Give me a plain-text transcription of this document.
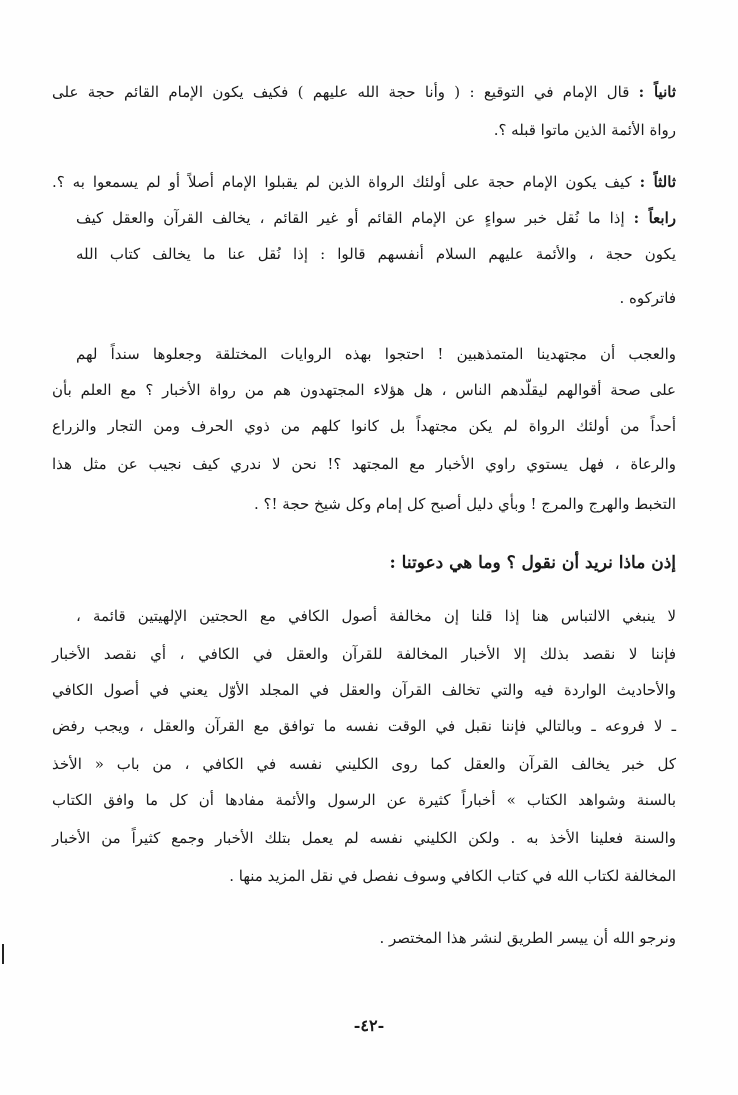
ثانياً : قال الإمام في التوقيع : ( وأنا حجة الله عليهم ) فكيف يكون الإمام القائم حجة على
رواة الأئمة الذين ماتوا قبله ؟.
ثالثاً : كيف يكون الإمام حجة على أولئك الرواة الذين لم يقبلوا الإمام أصلاً أو لم يسمعوا به ؟.
رابعاً : إذا ما نُقل خبر سواءٍ عن الإمام القائم أو غير القائم ، يخالف القرآن والعقل كيف
يكون حجة ، والأئمة عليهم السلام أنفسهم قالوا : إذا نُقل عنا ما يخالف كتاب الله
فاتركوه .
والعجب أن مجتهدينا المتمذهبين ! احتجوا بهذه الروايات المختلقة وجعلوها سنداً لهم
على صحة أقوالهم ليقلّدهم الناس ، هل هؤلاء المجتهدون هم من رواة الأخبار ؟ مع العلم بأن
أحداً من أولئك الرواة لم يكن مجتهداً بل كانوا كلهم من ذوي الحرف ومن التجار والزراع
والرعاة ، فهل يستوي راوي الأخبار مع المجتهد ؟! نحن لا ندري كيف نجيب عن مثل هذا
التخبط والهرج والمرج ! وبأي دليل أصبح كل إمام وكل شيخ حجة !؟ .
إذن ماذا نريد أن نقول ؟ وما هي دعوتنا :
لا ينبغي الالتباس هنا إذا قلنا إن مخالفة أصول الكافي مع الحجتين الإلهيتين قائمة ،
فإننا لا نقصد بذلك إلا الأخبار المخالفة للقرآن والعقل في الكافي ، أي نقصد الأخبار
والأحاديث الواردة فيه والتي تخالف القرآن والعقل في المجلد الأوّل يعني في أصول الكافي
ـ لا فروعه ـ وبالتالي فإننا نقبل في الوقت نفسه ما توافق مع القرآن والعقل ، ويجب رفض
كل خبر يخالف القرآن والعقل كما روى الكليني نفسه في الكافي ، من باب « الأخذ
بالسنة وشواهد الكتاب » أخباراً كثيرة عن الرسول والأئمة مفادها أن كل ما وافق الكتاب
والسنة فعلينا الأخذ به . ولكن الكليني نفسه لم يعمل بتلك الأخبار وجمع كثيراً من الأخبار
المخالفة لكتاب الله في كتاب الكافي وسوف نفصل في نقل المزيد منها .
ونرجو الله أن ييسر الطريق لنشر هذا المختصر .
-٤٢-
